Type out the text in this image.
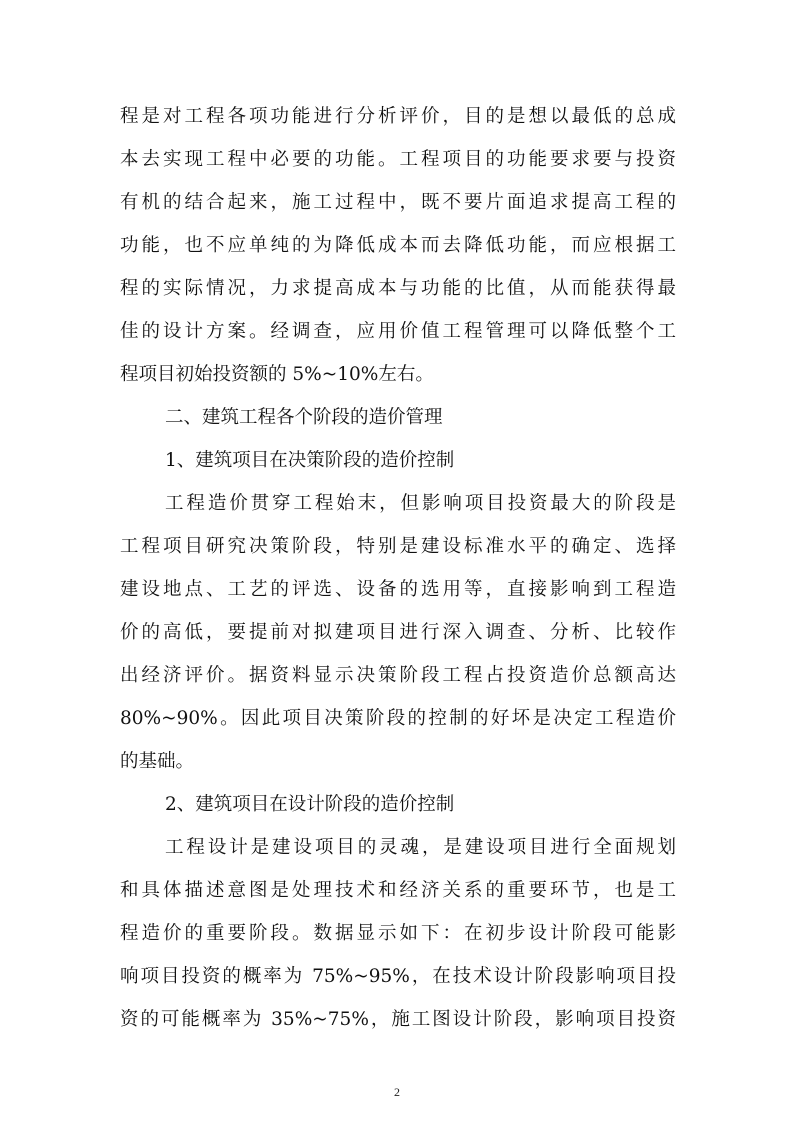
程是对工程各项功能进行分析评价，目的是想以最低的总成
本去实现工程中必要的功能。工程项目的功能要求要与投资
有机的结合起来，施工过程中，既不要片面追求提高工程的
功能，也不应单纯的为降低成本而去降低功能，而应根据工
程的实际情况，力求提高成本与功能的比值，从而能获得最
佳的设计方案。经调查，应用价值工程管理可以降低整个工
程项目初始投资额的 5%~10%左右。
二、建筑工程各个阶段的造价管理
1、建筑项目在决策阶段的造价控制
工程造价贯穿工程始末，但影响项目投资最大的阶段是
工程项目研究决策阶段，特别是建设标准水平的确定、选择
建设地点、工艺的评选、设备的选用等，直接影响到工程造
价的高低，要提前对拟建项目进行深入调查、分析、比较作
出经济评价。据资料显示决策阶段工程占投资造价总额高达
80%~90%。因此项目决策阶段的控制的好坏是决定工程造价
的基础。
2、建筑项目在设计阶段的造价控制
工程设计是建设项目的灵魂，是建设项目进行全面规划
和具体描述意图是处理技术和经济关系的重要环节，也是工
程造价的重要阶段。数据显示如下：在初步设计阶段可能影
响项目投资的概率为 75%~95%，在技术设计阶段影响项目投
资的可能概率为 35%~75%，施工图设计阶段，影响项目投资
2
